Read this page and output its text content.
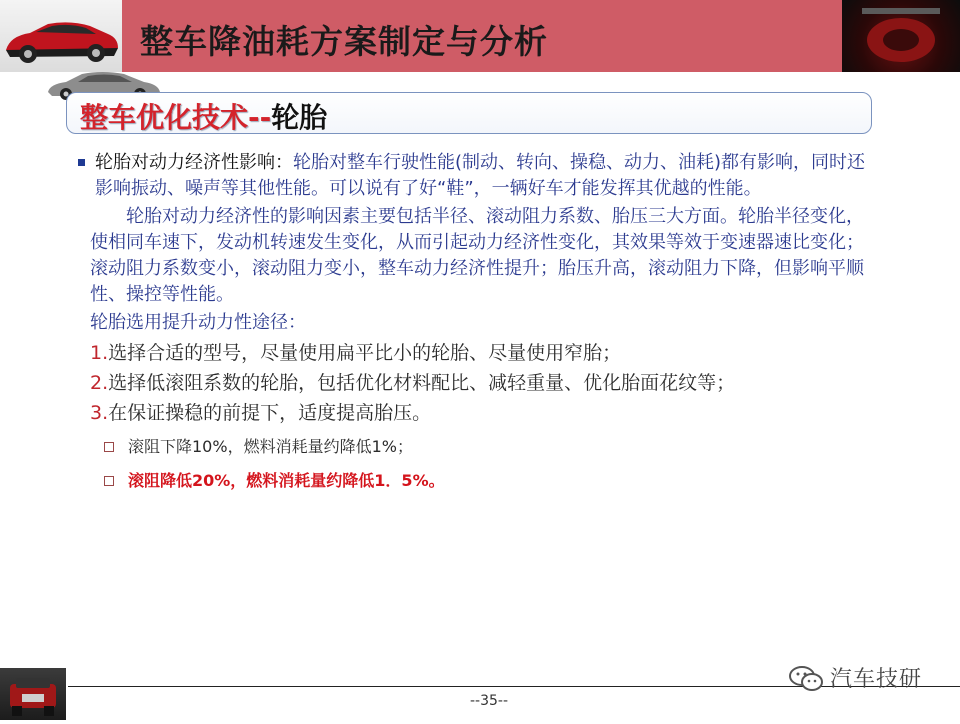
整车降油耗方案制定与分析
整车优化技术--轮胎
轮胎对动力经济性影响：轮胎对整车行驶性能(制动、转向、操稳、动力、油耗)都有影响，同时还影响振动、噪声等其他性能。可以说有了好“鞋”，一辆好车才能发挥其优越的性能。
轮胎对动力经济性的影响因素主要包括半径、滚动阻力系数、胎压三大方面。轮胎半径变化，使相同车速下，发动机转速发生变化，从而引起动力经济性变化，其效果等效于变速器速比变化；滚动阻力系数变小，滚动阻力变小，整车动力经济性提升；胎压升高，滚动阻力下降，但影响平顺性、操控等性能。
轮胎选用提升动力性途径：
1.选择合适的型号，尽量使用扁平比小的轮胎、尽量使用窄胎；
2.选择低滚阻系数的轮胎，包括优化材料配比、减轻重量、优化胎面花纹等；
3.在保证操稳的前提下，适度提高胎压。
滚阻下降10%，燃料消耗量约降低1%；
滚阻降低20%，燃料消耗量约降低1．5%。
--35--
汽车技研
